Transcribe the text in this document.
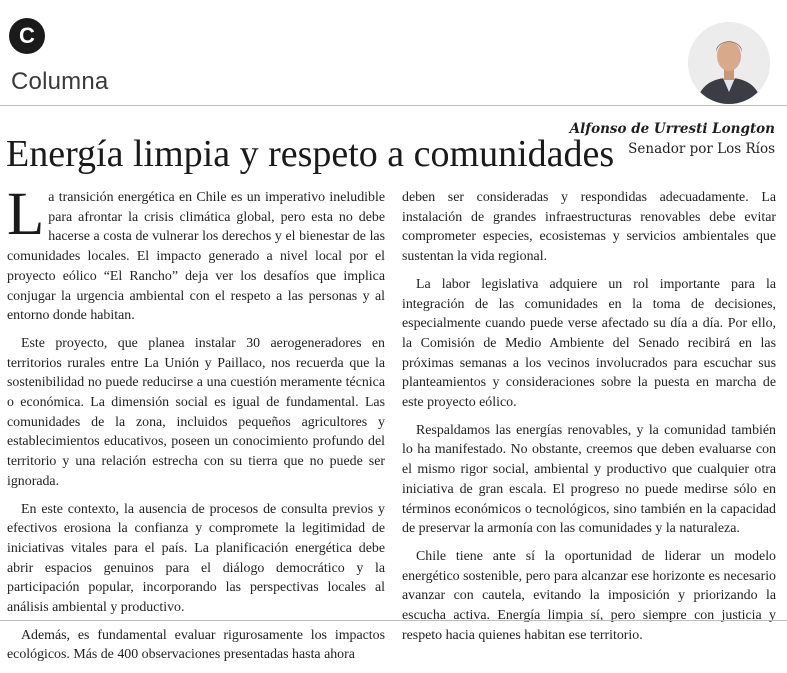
C
Columna
Alfonso de Urresti Longton
Senador por Los Ríos
Energía limpia y respeto a comunidades

La transición energética en Chile es un imperativo ineludible para afrontar la crisis climática global, pero esta no debe hacerse a costa de vulnerar los derechos y el bienestar de las comunidades locales. El impacto generado a nivel local por el proyecto eólico “El Rancho” deja ver los desafíos que implica conjugar la urgencia ambiental con el respeto a las personas y al entorno donde habitan.

Este proyecto, que planea instalar 30 aerogeneradores en territorios rurales entre La Unión y Paillaco, nos recuerda que la sostenibilidad no puede reducirse a una cuestión meramente técnica o económica. La dimensión social es igual de fundamental. Las comunidades de la zona, incluidos pequeños agricultores y establecimientos educativos, poseen un conocimiento profundo del territorio y una relación estrecha con su tierra que no puede ser ignorada.

En este contexto, la ausencia de procesos de consulta previos y efectivos erosiona la confianza y compromete la legitimidad de iniciativas vitales para el país. La planificación energética debe abrir espacios genuinos para el diálogo democrático y la participación popular, incorporando las perspectivas locales al análisis ambiental y productivo.

Además, es fundamental evaluar rigurosamente los impactos ecológicos. Más de 400 observaciones presentadas hasta ahora

deben ser consideradas y respondidas adecuadamente. La instalación de grandes infraestructuras renovables debe evitar comprometer especies, ecosistemas y servicios ambientales que sustentan la vida regional.

La labor legislativa adquiere un rol importante para la integración de las comunidades en la toma de decisiones, especialmente cuando puede verse afectado su día a día. Por ello, la Comisión de Medio Ambiente del Senado recibirá en las próximas semanas a los vecinos involucrados para escuchar sus planteamientos y consideraciones sobre la puesta en marcha de este proyecto eólico.

Respaldamos las energías renovables, y la comunidad también lo ha manifestado. No obstante, creemos que deben evaluarse con el mismo rigor social, ambiental y productivo que cualquier otra iniciativa de gran escala. El progreso no puede medirse sólo en términos económicos o tecnológicos, sino también en la capacidad de preservar la armonía con las comunidades y la naturaleza.

Chile tiene ante sí la oportunidad de liderar un modelo energético sostenible, pero para alcanzar ese horizonte es necesario avanzar con cautela, evitando la imposición y priorizando la escucha activa. Energía limpia sí, pero siempre con justicia y respeto hacia quienes habitan ese territorio.
